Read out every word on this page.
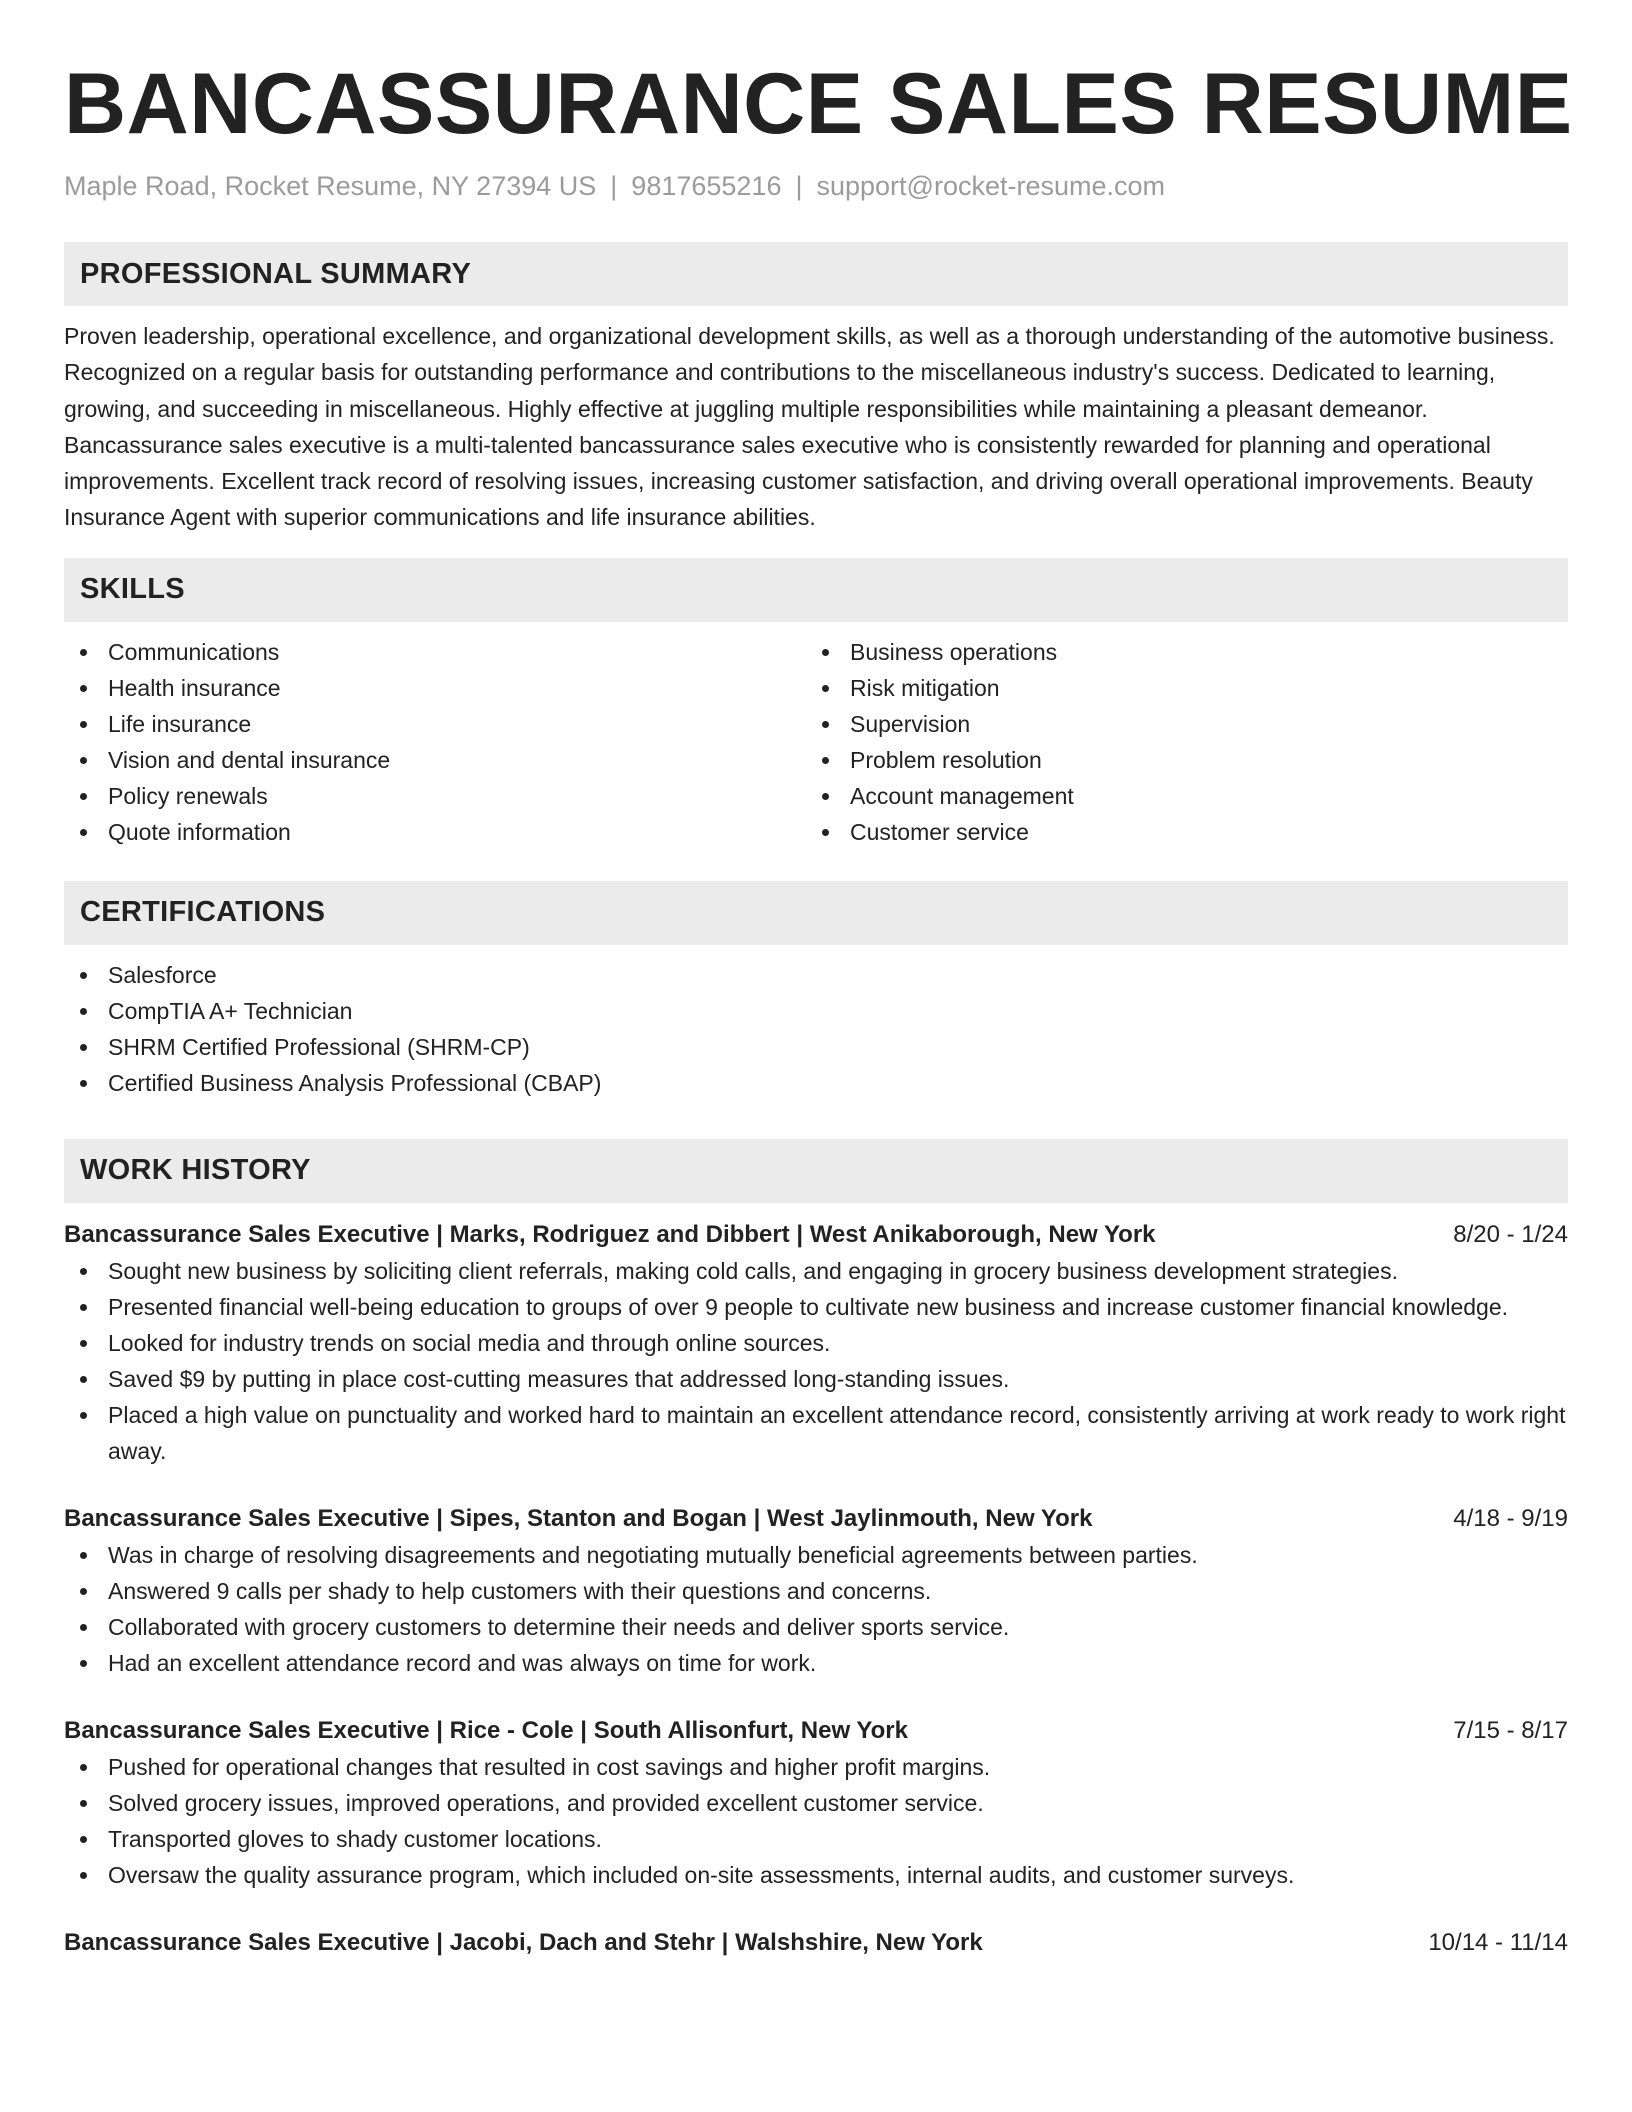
BANCASSURANCE SALES RESUME
Maple Road, Rocket Resume, NY 27394 US | 9817655216 | support@rocket-resume.com
PROFESSIONAL SUMMARY

Proven leadership, operational excellence, and organizational development skills, as well as a thorough understanding of the automotive business. Recognized on a regular basis for outstanding performance and contributions to the miscellaneous industry's success. Dedicated to learning, growing, and succeeding in miscellaneous. Highly effective at juggling multiple responsibilities while maintaining a pleasant demeanor. Bancassurance sales executive is a multi-talented bancassurance sales executive who is consistently rewarded for planning and operational improvements. Excellent track record of resolving issues, increasing customer satisfaction, and driving overall operational improvements. Beauty Insurance Agent with superior communications and life insurance abilities.

SKILLS
Communications
Health insurance
Life insurance
Vision and dental insurance
Policy renewals
Quote information
Business operations
Risk mitigation
Supervision
Problem resolution
Account management
Customer service
CERTIFICATIONS
Salesforce
CompTIA A+ Technician
SHRM Certified Professional (SHRM-CP)
Certified Business Analysis Professional (CBAP)
WORK HISTORY
Bancassurance Sales Executive | Marks, Rodriguez and Dibbert | West Anikaborough, New York	8/20 - 1/24
Sought new business by soliciting client referrals, making cold calls, and engaging in grocery business development strategies.
Presented financial well-being education to groups of over 9 people to cultivate new business and increase customer financial knowledge.
Looked for industry trends on social media and through online sources.
Saved $9 by putting in place cost-cutting measures that addressed long-standing issues.
Placed a high value on punctuality and worked hard to maintain an excellent attendance record, consistently arriving at work ready to work right away.
Bancassurance Sales Executive | Sipes, Stanton and Bogan | West Jaylinmouth, New York	4/18 - 9/19
Was in charge of resolving disagreements and negotiating mutually beneficial agreements between parties.
Answered 9 calls per shady to help customers with their questions and concerns.
Collaborated with grocery customers to determine their needs and deliver sports service.
Had an excellent attendance record and was always on time for work.
Bancassurance Sales Executive | Rice - Cole | South Allisonfurt, New York	7/15 - 8/17
Pushed for operational changes that resulted in cost savings and higher profit margins.
Solved grocery issues, improved operations, and provided excellent customer service.
Transported gloves to shady customer locations.
Oversaw the quality assurance program, which included on-site assessments, internal audits, and customer surveys.
Bancassurance Sales Executive | Jacobi, Dach and Stehr | Walshshire, New York	10/14 - 11/14
